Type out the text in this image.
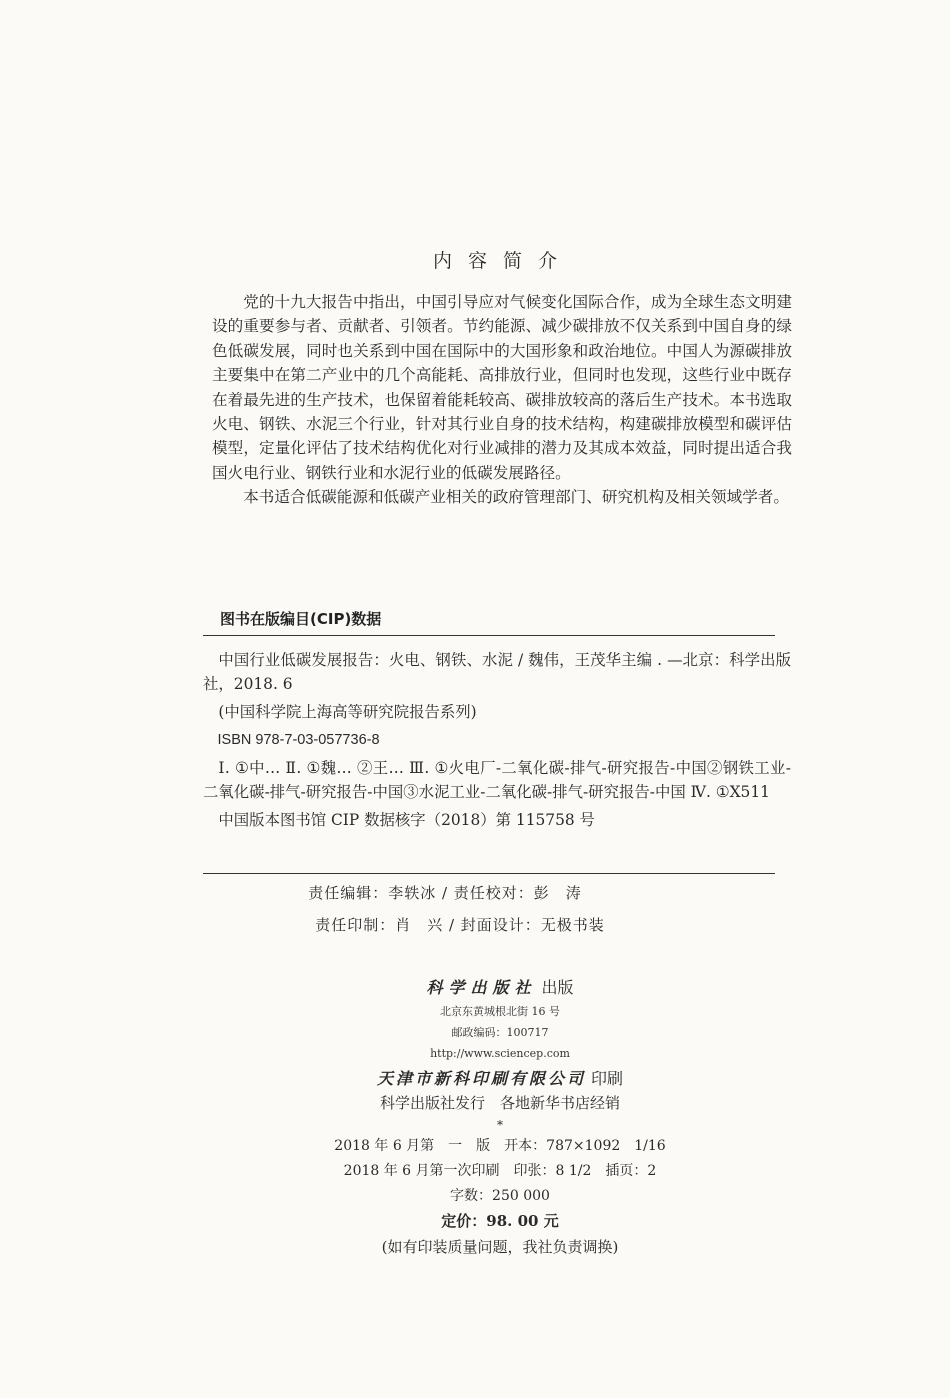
内容简介

党的十九大报告中指出，中国引导应对气候变化国际合作，成为全球生态文明建设的重要参与者、贡献者、引领者。节约能源、减少碳排放不仅关系到中国自身的绿色低碳发展，同时也关系到中国在国际中的大国形象和政治地位。中国人为源碳排放主要集中在第二产业中的几个高能耗、高排放行业，但同时也发现，这些行业中既存在着最先进的生产技术，也保留着能耗较高、碳排放较高的落后生产技术。本书选取火电、钢铁、水泥三个行业，针对其行业自身的技术结构，构建碳排放模型和碳评估模型，定量化评估了技术结构优化对行业减排的潜力及其成本效益，同时提出适合我国火电行业、钢铁行业和水泥行业的低碳发展路径。

本书适合低碳能源和低碳产业相关的政府管理部门、研究机构及相关领域学者。

图书在版编目(CIP)数据

中国行业低碳发展报告：火电、钢铁、水泥 / 魏伟，王茂华主编 . —北京：科学出版社，2018. 6

(中国科学院上海高等研究院报告系列)

ISBN 978-7-03-057736-8

Ⅰ. ①中… Ⅱ. ①魏… ②王… Ⅲ. ①火电厂-二氧化碳-排气-研究报告-中国②钢铁工业-二氧化碳-排气-研究报告-中国③水泥工业-二氧化碳-排气-研究报告-中国 Ⅳ. ①X511

中国版本图书馆 CIP 数据核字（2018）第 115758 号

责任编辑：李轶冰 / 责任校对：彭　涛
责任印制：肖　兴 / 封面设计：无极书装
科学出版社 出版
北京东黄城根北街 16 号
邮政编码：100717
http://www.sciencep.com
天津市新科印刷有限公司 印刷
科学出版社发行　各地新华书店经销
*
2018 年 6 月第　一　版　开本：787×1092　1/16
2018 年 6 月第一次印刷　印张：8 1/2　插页：2
字数：250 000
定价：98. 00 元
(如有印装质量问题，我社负责调换)
